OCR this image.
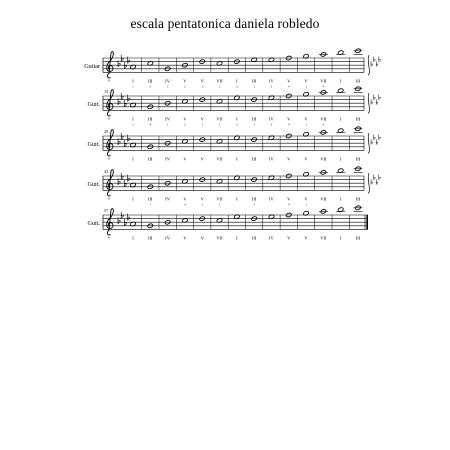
escala pentatonica daniela robledo
Guitar
8	I
1
III
4
IV
1
V
2
V
3
VII
1
I
3
III
1
IV
3
V
4
V
1
VII
4
I	III
Guit.
15
8	I
1
III
4
IV
1
V
2
V
3
VII
1
I
3
III
1
IV
3
V
4
V
1
VII
4
I	III
Guit.
29
8	I	III	IV	V	V	VII	I	III	IV	V	V	VII	I	III
Guit.
43
8	I	III
1
IV	V
4
V
2
VII
1
I	III
3
IV	V
4
V
1
VII	I	III
Guit.
57
8	I	III	IV	V	V	VII	I	III	IV	V	V	VII	I	III
